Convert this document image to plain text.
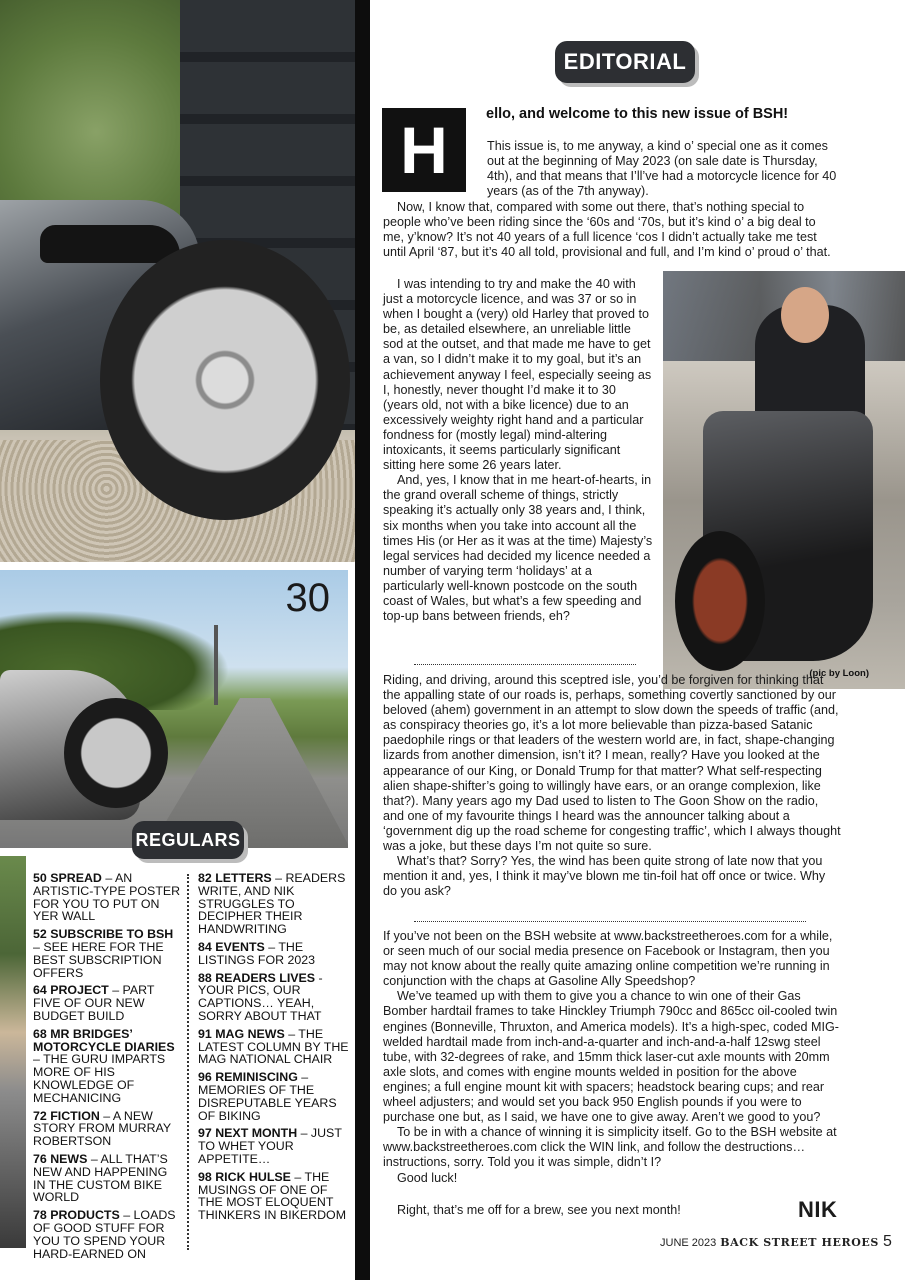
30
REGULARS
50 SPREAD – AN ARTISTIC-TYPE POSTER FOR YOU TO PUT ON YER WALL
52 SUBSCRIBE TO BSH – SEE HERE FOR THE BEST SUBSCRIPTION OFFERS
64 PROJECT – PART FIVE OF OUR NEW BUDGET BUILD
68 MR BRIDGES’ MOTORCYCLE DIARIES – THE GURU IMPARTS MORE OF HIS KNOWLEDGE OF MECHANICING
72 FICTION – A NEW STORY FROM MURRAY ROBERTSON
76 NEWS – ALL THAT’S NEW AND HAPPENING IN THE CUSTOM BIKE WORLD
78 PRODUCTS – LOADS OF GOOD STUFF FOR YOU TO SPEND YOUR HARD-EARNED ON
82 LETTERS – READERS WRITE, AND NIK STRUGGLES TO DECIPHER THEIR HANDWRITING
84 EVENTS – THE LISTINGS FOR 2023
88 READERS LIVES - YOUR PICS, OUR CAPTIONS… YEAH, SORRY ABOUT THAT
91 MAG NEWS – THE LATEST COLUMN BY THE MAG NATIONAL CHAIR
96 REMINISCING – MEMORIES OF THE DISREPUTABLE YEARS OF BIKING
97 NEXT MONTH – JUST TO WHET YOUR APPETITE…
98 RICK HULSE – THE MUSINGS OF ONE OF THE MOST ELOQUENT THINKERS IN BIKERDOM
EDITORIAL
H	ello, and welcome to this new issue of BSH!

This issue is, to me anyway, a kind o’ special one as it comes out at the beginning of May 2023 (on sale date is Thursday, 4th), and that means that I’ll’ve had a motorcycle licence for 40 years (as of the 7th anyway).

Now, I know that, compared with some out there, that’s nothing special to people who’ve been riding since the ‘60s and ‘70s, but it’s kind o’ a big deal to me, y’know? It’s not 40 years of a full licence ‘cos I didn’t actually take me test until April ‘87, but it’s 40 all told, provisional and full, and I’m kind o’ proud o’ that.

I was intending to try and make the 40 with just a motorcycle licence, and was 37 or so in when I bought a (very) old Harley that proved to be, as detailed elsewhere, an unreliable little sod at the outset, and that made me have to get a van, so I didn’t make it to my goal, but it’s an achievement anyway I feel, especially seeing as I, honestly, never thought I’d make it to 30 (years old, not with a bike licence) due to an excessively weighty right hand and a particular fondness for (mostly legal) mind-altering intoxicants, it seems particularly significant sitting here some 26 years later.

And, yes, I know that in me heart-of-hearts, in the grand overall scheme of things, strictly speaking it’s actually only 38 years and, I think, six months when you take into account all the times His (or Her as it was at the time) Majesty’s legal services had decided my licence needed a number of varying term ‘holidays’ at a particularly well-known postcode on the south coast of Wales, but what’s a few speeding and top-up bans between friends, eh?

(pic by Loon)

Riding, and driving, around this sceptred isle, you’d be forgiven for thinking that the appalling state of our roads is, perhaps, something covertly sanctioned by our beloved (ahem) government in an attempt to slow down the speeds of traffic (and, as conspiracy theories go, it’s a lot more believable than pizza-based Satanic paedophile rings or that leaders of the western world are, in fact, shape-changing lizards from another dimension, isn’t it? I mean, really? Have you looked at the appearance of our King, or Donald Trump for that matter? What self-respecting alien shape-shifter’s going to willingly have ears, or an orange complexion, like that?). Many years ago my Dad used to listen to The Goon Show on the radio, and one of my favourite things I heard was the announcer talking about a ‘government dig up the road scheme for congesting traffic’, which I always thought was a joke, but these days I’m not quite so sure.

What’s that? Sorry? Yes, the wind has been quite strong of late now that you mention it and, yes, I think it may’ve blown me tin-foil hat off once or twice. Why do you ask?

If you’ve not been on the BSH website at www.backstreetheroes.com for a while, or seen much of our social media presence on Facebook or Instagram, then you may not know about the really quite amazing online competition we’re running in conjunction with the chaps at Gasoline Ally Speedshop?

We’ve teamed up with them to give you a chance to win one of their Gas Bomber hardtail frames to take Hinckley Triumph 790cc and 865cc oil-cooled twin engines (Bonneville, Thruxton, and America models). It’s a high-spec, coded MIG-welded hardtail made from inch-and-a-quarter and inch-and-a-half 12swg steel tube, with 32-degrees of rake, and 15mm thick laser-cut axle mounts with 20mm axle slots, and comes with engine mounts welded in position for the above engines; a full engine mount kit with spacers; headstock bearing cups; and rear wheel adjusters; and would set you back 950 English pounds if you were to purchase one but, as I said, we have one to give away. Aren’t we good to you?

To be in with a chance of winning it is simplicity itself. Go to the BSH website at www.backstreetheroes.com click the WIN link, and follow the destructions… instructions, sorry. Told you it was simple, didn’t I?

Good luck!

Right, that’s me off for a brew, see you next month!	NIK
JUNE 2023 BACK STREET HEROES 5
